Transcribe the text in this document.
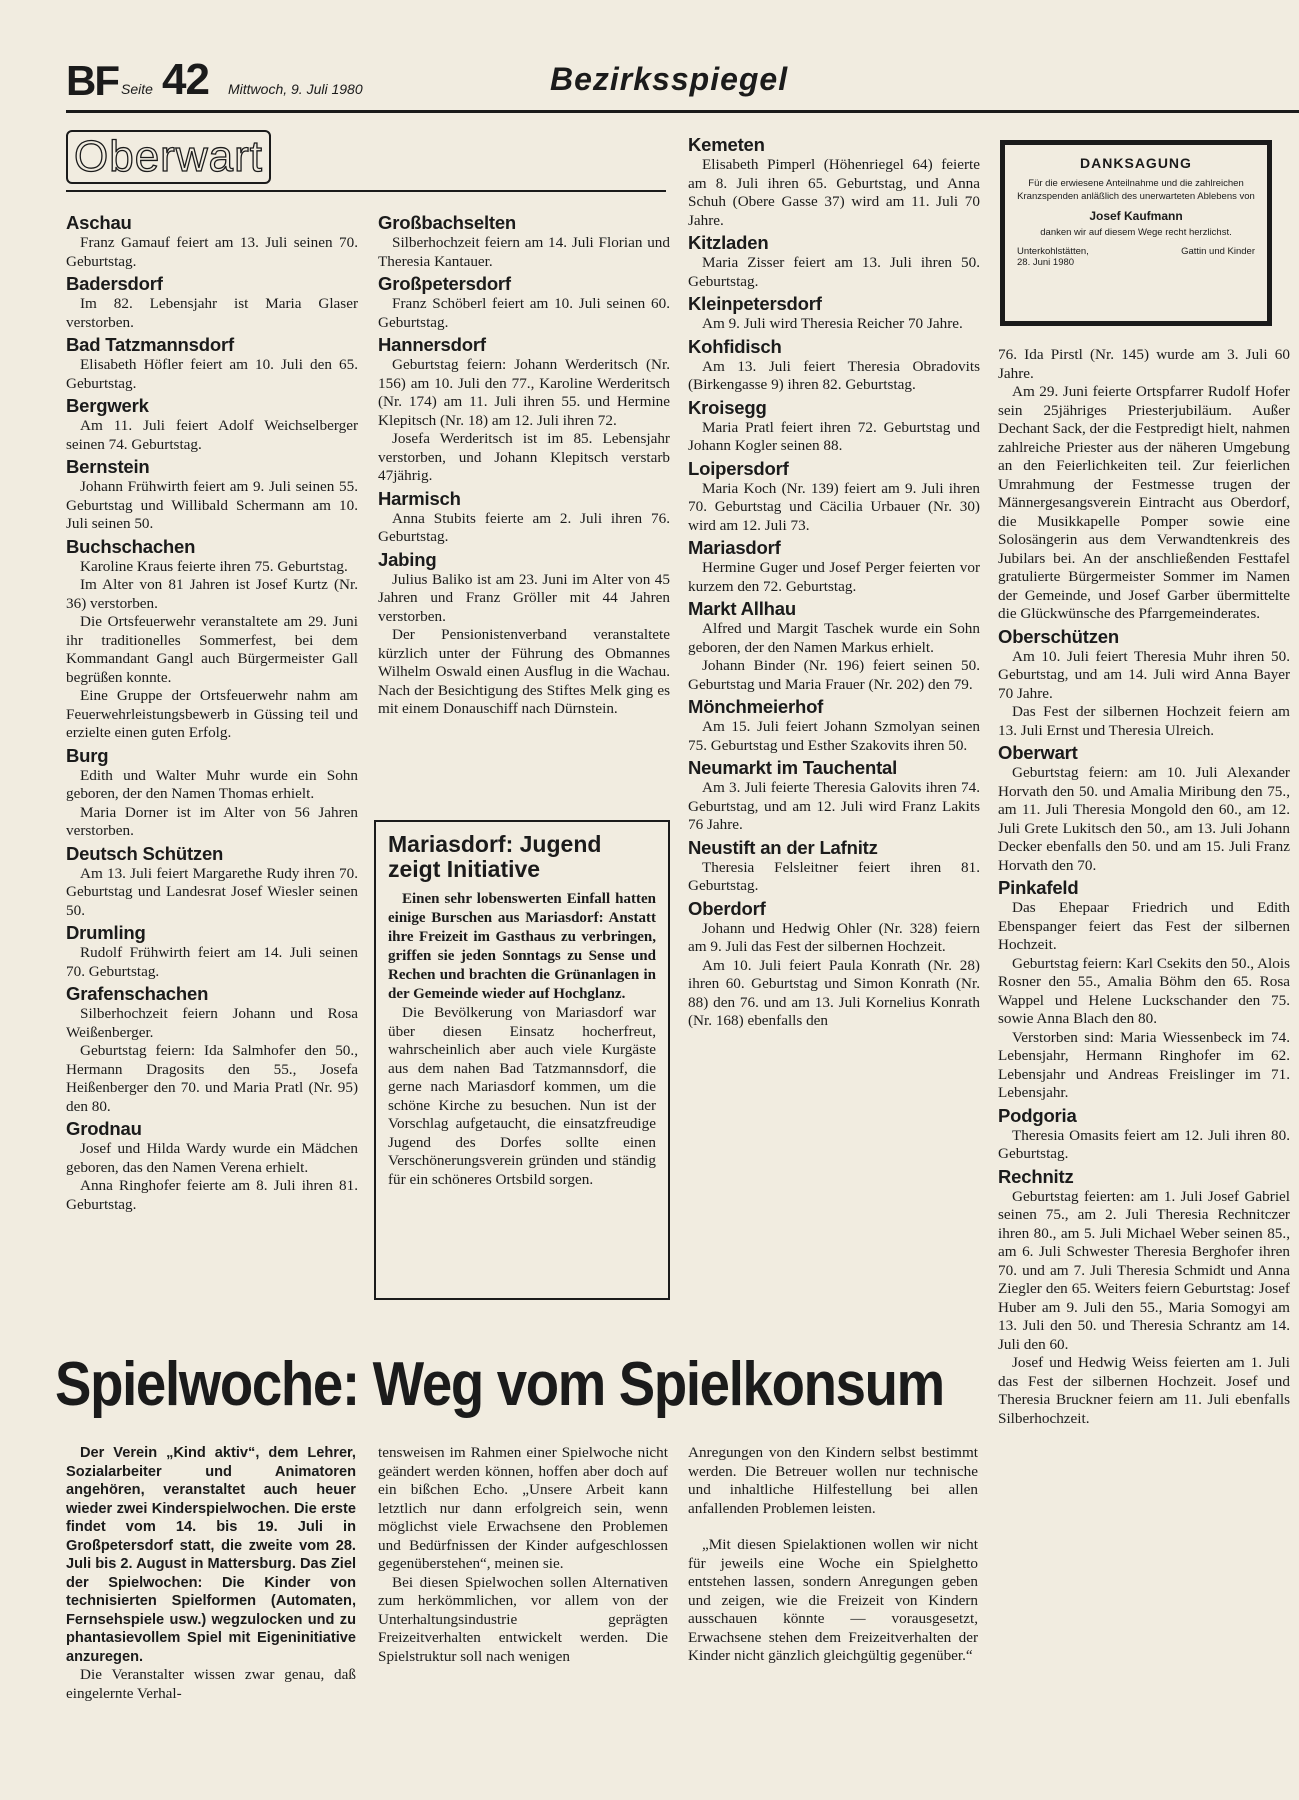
BF Seite 42 Mittwoch, 9. Juli 1980	Bezirksspiegel
Oberwart
Aschau
Franz Gamauf feiert am 13. Juli seinen 70. Geburtstag.
Badersdorf
Im 82. Lebensjahr ist Maria Glaser verstorben.
Bad Tatzmannsdorf
Elisabeth Höfler feiert am 10. Juli den 65. Geburtstag.
Bergwerk
Am 11. Juli feiert Adolf Weichselberger seinen 74. Geburtstag.
Bernstein
Johann Frühwirth feiert am 9. Juli seinen 55. Geburtstag und Willibald Schermann am 10. Juli seinen 50.
Buchschachen
Karoline Kraus feierte ihren 75. Geburtstag.
Im Alter von 81 Jahren ist Josef Kurtz (Nr. 36) verstorben.
Die Ortsfeuerwehr veranstaltete am 29. Juni ihr traditionelles Sommerfest, bei dem Kommandant Gangl auch Bürgermeister Gall begrüßen konnte.
Eine Gruppe der Ortsfeuerwehr nahm am Feuerwehrleistungsbewerb in Güssing teil und erzielte einen guten Erfolg.
Burg
Edith und Walter Muhr wurde ein Sohn geboren, der den Namen Thomas erhielt.
Maria Dorner ist im Alter von 56 Jahren verstorben.
Deutsch Schützen
Am 13. Juli feiert Margarethe Rudy ihren 70. Geburtstag und Landesrat Josef Wiesler seinen 50.
Drumling
Rudolf Frühwirth feiert am 14. Juli seinen 70. Geburtstag.
Grafenschachen
Silberhochzeit feiern Johann und Rosa Weißenberger.
Geburtstag feiern: Ida Salmhofer den 50., Hermann Dragosits den 55., Josefa Heißenberger den 70. und Maria Pratl (Nr. 95) den 80.
Grodnau
Josef und Hilda Wardy wurde ein Mädchen geboren, das den Namen Verena erhielt.
Anna Ringhofer feierte am 8. Juli ihren 81. Geburtstag.
Großbachselten
Silberhochzeit feiern am 14. Juli Florian und Theresia Kantauer.
Großpetersdorf
Franz Schöberl feiert am 10. Juli seinen 60. Geburtstag.
Hannersdorf
Geburtstag feiern: Johann Werderitsch (Nr. 156) am 10. Juli den 77., Karoline Werderitsch (Nr. 174) am 11. Juli ihren 55. und Hermine Klepitsch (Nr. 18) am 12. Juli ihren 72.
Josefa Werderitsch ist im 85. Lebensjahr verstorben, und Johann Klepitsch verstarb 47jährig.
Harmisch
Anna Stubits feierte am 2. Juli ihren 76. Geburtstag.
Jabing
Julius Baliko ist am 23. Juni im Alter von 45 Jahren und Franz Gröller mit 44 Jahren verstorben.
Der Pensionistenverband veranstaltete kürzlich unter der Führung des Obmannes Wilhelm Oswald einen Ausflug in die Wachau. Nach der Besichtigung des Stiftes Melk ging es mit einem Donauschiff nach Dürnstein.
Kemeten
Elisabeth Pimperl (Höhenriegel 64) feierte am 8. Juli ihren 65. Geburtstag, und Anna Schuh (Obere Gasse 37) wird am 11. Juli 70 Jahre.
Kitzladen
Maria Zisser feiert am 13. Juli ihren 50. Geburtstag.
Kleinpetersdorf
Am 9. Juli wird Theresia Reicher 70 Jahre.
Kohfidisch
Am 13. Juli feiert Theresia Obradovits (Birkengasse 9) ihren 82. Geburtstag.
Kroisegg
Maria Pratl feiert ihren 72. Geburtstag und Johann Kogler seinen 88.
Loipersdorf
Maria Koch (Nr. 139) feiert am 9. Juli ihren 70. Geburtstag und Cäcilia Urbauer (Nr. 30) wird am 12. Juli 73.
Mariasdorf
Hermine Guger und Josef Perger feierten vor kurzem den 72. Geburtstag.
Markt Allhau
Alfred und Margit Taschek wurde ein Sohn geboren, der den Namen Markus erhielt.
Johann Binder (Nr. 196) feiert seinen 50. Geburtstag und Maria Frauer (Nr. 202) den 79.
Mönchmeierhof
Am 15. Juli feiert Johann Szmolyan seinen 75. Geburtstag und Esther Szakovits ihren 50.
Neumarkt im Tauchental
Am 3. Juli feierte Theresia Galovits ihren 74. Geburtstag, und am 12. Juli wird Franz Lakits 76 Jahre.
Neustift an der Lafnitz
Theresia Felsleitner feiert ihren 81. Geburtstag.
Oberdorf
Johann und Hedwig Ohler (Nr. 328) feiern am 9. Juli das Fest der silbernen Hochzeit.
Am 10. Juli feiert Paula Konrath (Nr. 28) ihren 60. Geburtstag und Simon Konrath (Nr. 88) den 76. und am 13. Juli Kornelius Konrath (Nr. 168) ebenfalls den
76. Ida Pirstl (Nr. 145) wurde am 3. Juli 60 Jahre.
Am 29. Juni feierte Ortspfarrer Rudolf Hofer sein 25jähriges Priesterjubiläum. Außer Dechant Sack, der die Festpredigt hielt, nahmen zahlreiche Priester aus der näheren Umgebung an den Feierlichkeiten teil. Zur feierlichen Umrahmung der Festmesse trugen der Männergesangsverein Eintracht aus Oberdorf, die Musikkapelle Pomper sowie eine Solosängerin aus dem Verwandtenkreis des Jubilars bei. An der anschließenden Festtafel gratulierte Bürgermeister Sommer im Namen der Gemeinde, und Josef Garber übermittelte die Glückwünsche des Pfarrgemeinderates.
Oberschützen
Am 10. Juli feiert Theresia Muhr ihren 50. Geburtstag, und am 14. Juli wird Anna Bayer 70 Jahre.
Das Fest der silbernen Hochzeit feiern am 13. Juli Ernst und Theresia Ulreich.
Oberwart
Geburtstag feiern: am 10. Juli Alexander Horvath den 50. und Amalia Miribung den 75., am 11. Juli Theresia Mongold den 60., am 12. Juli Grete Lukitsch den 50., am 13. Juli Johann Decker ebenfalls den 50. und am 15. Juli Franz Horvath den 70.
Pinkafeld
Das Ehepaar Friedrich und Edith Ebenspanger feiert das Fest der silbernen Hochzeit.
Geburtstag feiern: Karl Csekits den 50., Alois Rosner den 55., Amalia Böhm den 65. Rosa Wappel und Helene Luckschander den 75. sowie Anna Blach den 80.
Verstorben sind: Maria Wiessenbeck im 74. Lebensjahr, Hermann Ringhofer im 62. Lebensjahr und Andreas Freislinger im 71. Lebensjahr.
Podgoria
Theresia Omasits feiert am 12. Juli ihren 80. Geburtstag.
Rechnitz
Geburtstag feierten: am 1. Juli Josef Gabriel seinen 75., am 2. Juli Theresia Rechnitczer ihren 80., am 5. Juli Michael Weber seinen 85., am 6. Juli Schwester Theresia Berghofer ihren 70. und am 7. Juli Theresia Schmidt und Anna Ziegler den 65. Weiters feiern Geburtstag: Josef Huber am 9. Juli den 55., Maria Somogyi am 13. Juli den 50. und Theresia Schrantz am 14. Juli den 60.
Josef und Hedwig Weiss feierten am 1. Juli das Fest der silbernen Hochzeit. Josef und Theresia Bruckner feiern am 11. Juli ebenfalls Silberhochzeit.
Mariasdorf: Jugend zeigt Initiative
Einen sehr lobenswerten Einfall hatten einige Burschen aus Mariasdorf: Anstatt ihre Freizeit im Gasthaus zu verbringen, griffen sie jeden Sonntags zu Sense und Rechen und brachten die Grünanlagen in der Gemeinde wieder auf Hochglanz.
Die Bevölkerung von Mariasdorf war über diesen Einsatz hocherfreut, wahrscheinlich aber auch viele Kurgäste aus dem nahen Bad Tatzmannsdorf, die gerne nach Mariasdorf kommen, um die schöne Kirche zu besuchen. Nun ist der Vorschlag aufgetaucht, die einsatzfreudige Jugend des Dorfes sollte einen Verschönerungsverein gründen und ständig für ein schöneres Ortsbild sorgen.
DANKSAGUNG
Für die erwiesene Anteilnahme und die zahlreichen Kranzspenden anläßlich des unerwarteten Ablebens von
Josef Kaufmann
danken wir auf diesem Wege recht herzlichst.
Unterkohlstätten,
28. Juni 1980
Gattin und Kinder
Spielwoche: Weg vom Spielkonsum

Der Verein „Kind aktiv“, dem Lehrer, Sozialarbeiter und Animatoren angehören, veranstaltet auch heuer wieder zwei Kinderspielwochen. Die erste findet vom 14. bis 19. Juli in Großpetersdorf statt, die zweite vom 28. Juli bis 2. August in Mattersburg. Das Ziel der Spielwochen: Die Kinder von technisierten Spielformen (Automaten, Fernsehspiele usw.) wegzulocken und zu phantasievollem Spiel mit Eigeninitiative anzuregen.

Die Veranstalter wissen zwar genau, daß eingelernte Verhal-

tensweisen im Rahmen einer Spielwoche nicht geändert werden können, hoffen aber doch auf ein bißchen Echo. „Unsere Arbeit kann letztlich nur dann erfolgreich sein, wenn möglichst viele Erwachsene den Problemen und Bedürfnissen der Kinder aufgeschlossen gegenüberstehen“, meinen sie.

Bei diesen Spielwochen sollen Alternativen zum herkömmlichen, vor allem von der Unterhaltungsindustrie geprägten Freizeitverhalten entwickelt werden. Die Spielstruktur soll nach wenigen

Anregungen von den Kindern selbst bestimmt werden. Die Betreuer wollen nur technische und inhaltliche Hilfestellung bei allen anfallenden Problemen leisten.

„Mit diesen Spielaktionen wollen wir nicht für jeweils eine Woche ein Spielghetto entstehen lassen, sondern Anregungen geben und zeigen, wie die Freizeit von Kindern ausschauen könnte — vorausgesetzt, Erwachsene stehen dem Freizeitverhalten der Kinder nicht gänzlich gleichgültig gegenüber.“
